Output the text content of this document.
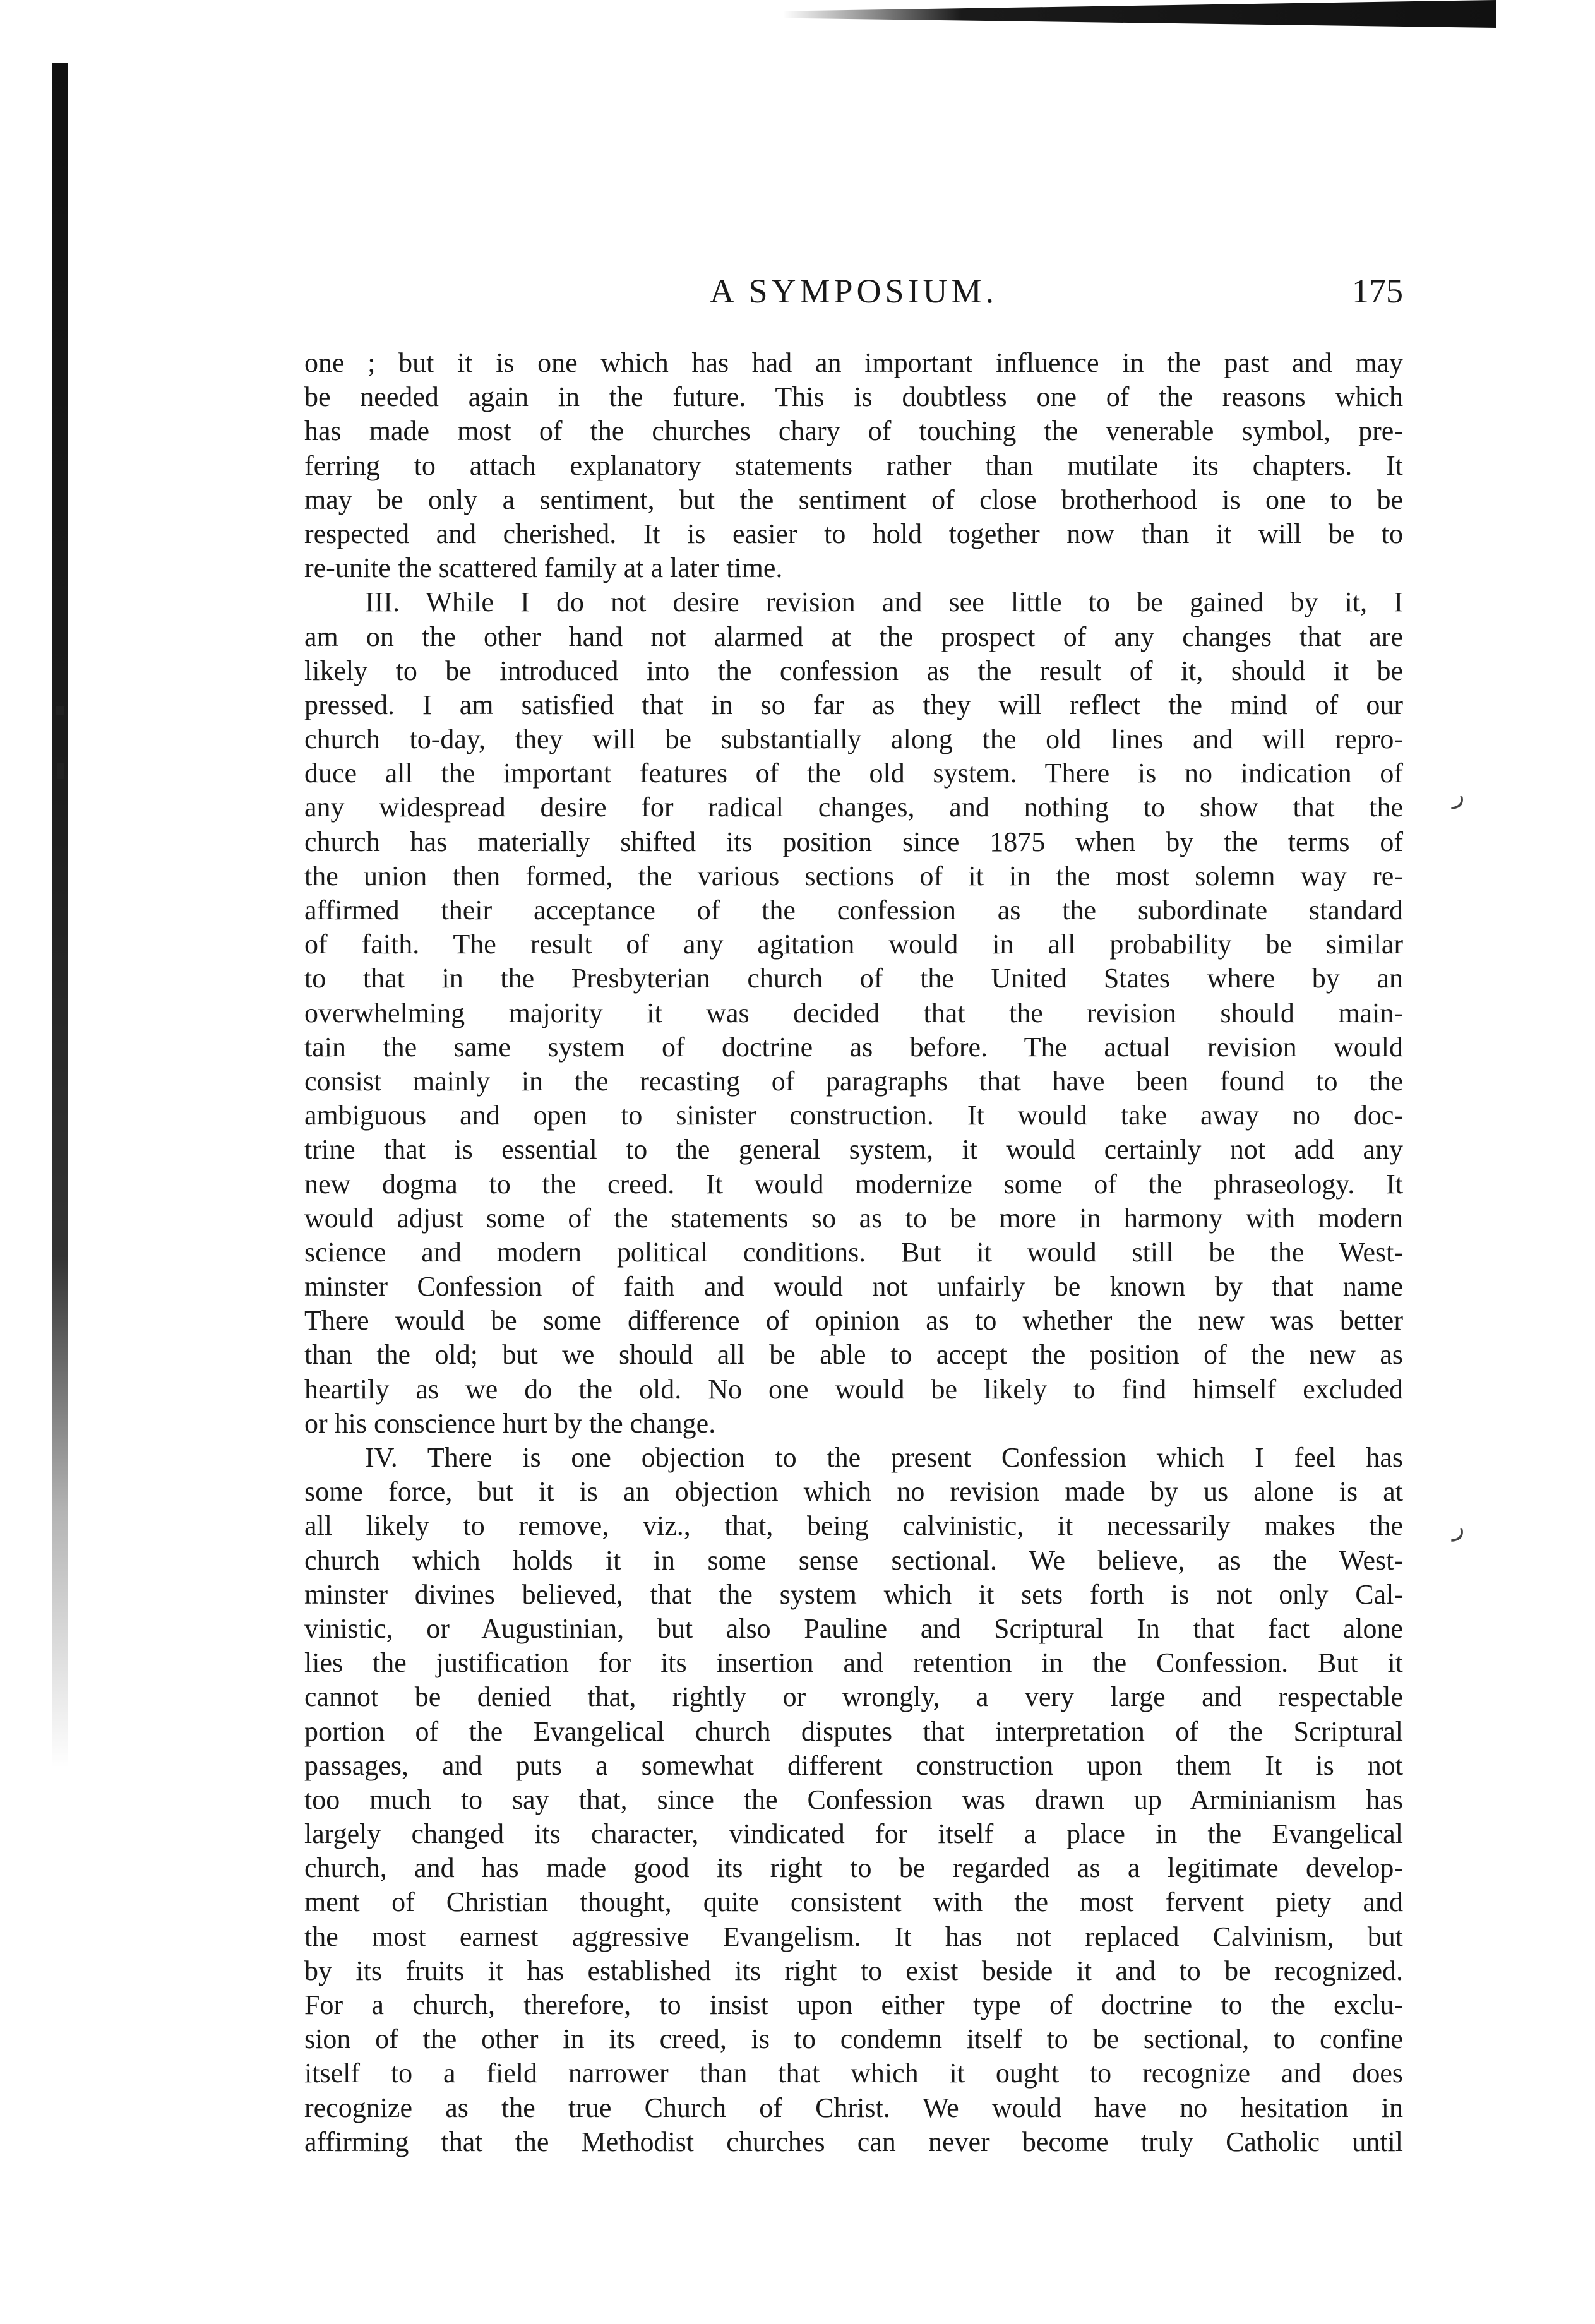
ر
ر
A SYMPOSIUM.	175
one ; but it is one which has had an important influence in the past and may
be needed again in the future. This is doubtless one of the reasons which
has made most of the churches chary of touching the venerable symbol, pre-
ferring to attach explanatory statements rather than mutilate its chapters. It
may be only a sentiment, but the sentiment of close brotherhood is one to be
respected and cherished. It is easier to hold together now than it will be to
re-unite the scattered family at a later time.
III. While I do not desire revision and see little to be gained by it, I
am on the other hand not alarmed at the prospect of any changes that are
likely to be introduced into the confession as the result of it, should it be
pressed. I am satisfied that in so far as they will reflect the mind of our
church to-day, they will be substantially along the old lines and will repro-
duce all the important features of the old system. There is no indication of
any widespread desire for radical changes, and nothing to show that the
church has materially shifted its position since 1875 when by the terms of
the union then formed, the various sections of it in the most solemn way re-
affirmed their acceptance of the confession as the subordinate standard
of faith. The result of any agitation would in all probability be similar
to that in the Presbyterian church of the United States where by an
overwhelming majority it was decided that the revision should main-
tain the same system of doctrine as before. The actual revision would
consist mainly in the recasting of paragraphs that have been found to the
ambiguous and open to sinister construction. It would take away no doc-
trine that is essential to the general system, it would certainly not add any
new dogma to the creed. It would modernize some of the phraseology. It
would adjust some of the statements so as to be more in harmony with modern
science and modern political conditions. But it would still be the West-
minster Confession of faith and would not unfairly be known by that name
There would be some difference of opinion as to whether the new was better
than the old; but we should all be able to accept the position of the new as
heartily as we do the old. No one would be likely to find himself excluded
or his conscience hurt by the change.
IV. There is one objection to the present Confession which I feel has
some force, but it is an objection which no revision made by us alone is at
all likely to remove, viz., that, being calvinistic, it necessarily makes the
church which holds it in some sense sectional. We believe, as the West-
minster divines believed, that the system which it sets forth is not only Cal-
vinistic, or Augustinian, but also Pauline and Scriptural In that fact alone
lies the justification for its insertion and retention in the Confession. But it
cannot be denied that, rightly or wrongly, a very large and respectable
portion of the Evangelical church disputes that interpretation of the Scriptural
passages, and puts a somewhat different construction upon them It is not
too much to say that, since the Confession was drawn up Arminianism has
largely changed its character, vindicated for itself a place in the Evangelical
church, and has made good its right to be regarded as a legitimate develop-
ment of Christian thought, quite consistent with the most fervent piety and
the most earnest aggressive Evangelism. It has not replaced Calvinism, but
by its fruits it has established its right to exist beside it and to be recognized.
For a church, therefore, to insist upon either type of doctrine to the exclu-
sion of the other in its creed, is to condemn itself to be sectional, to confine
itself to a field narrower than that which it ought to recognize and does
recognize as the true Church of Christ. We would have no hesitation in
affirming that the Methodist churches can never become truly Catholic until
